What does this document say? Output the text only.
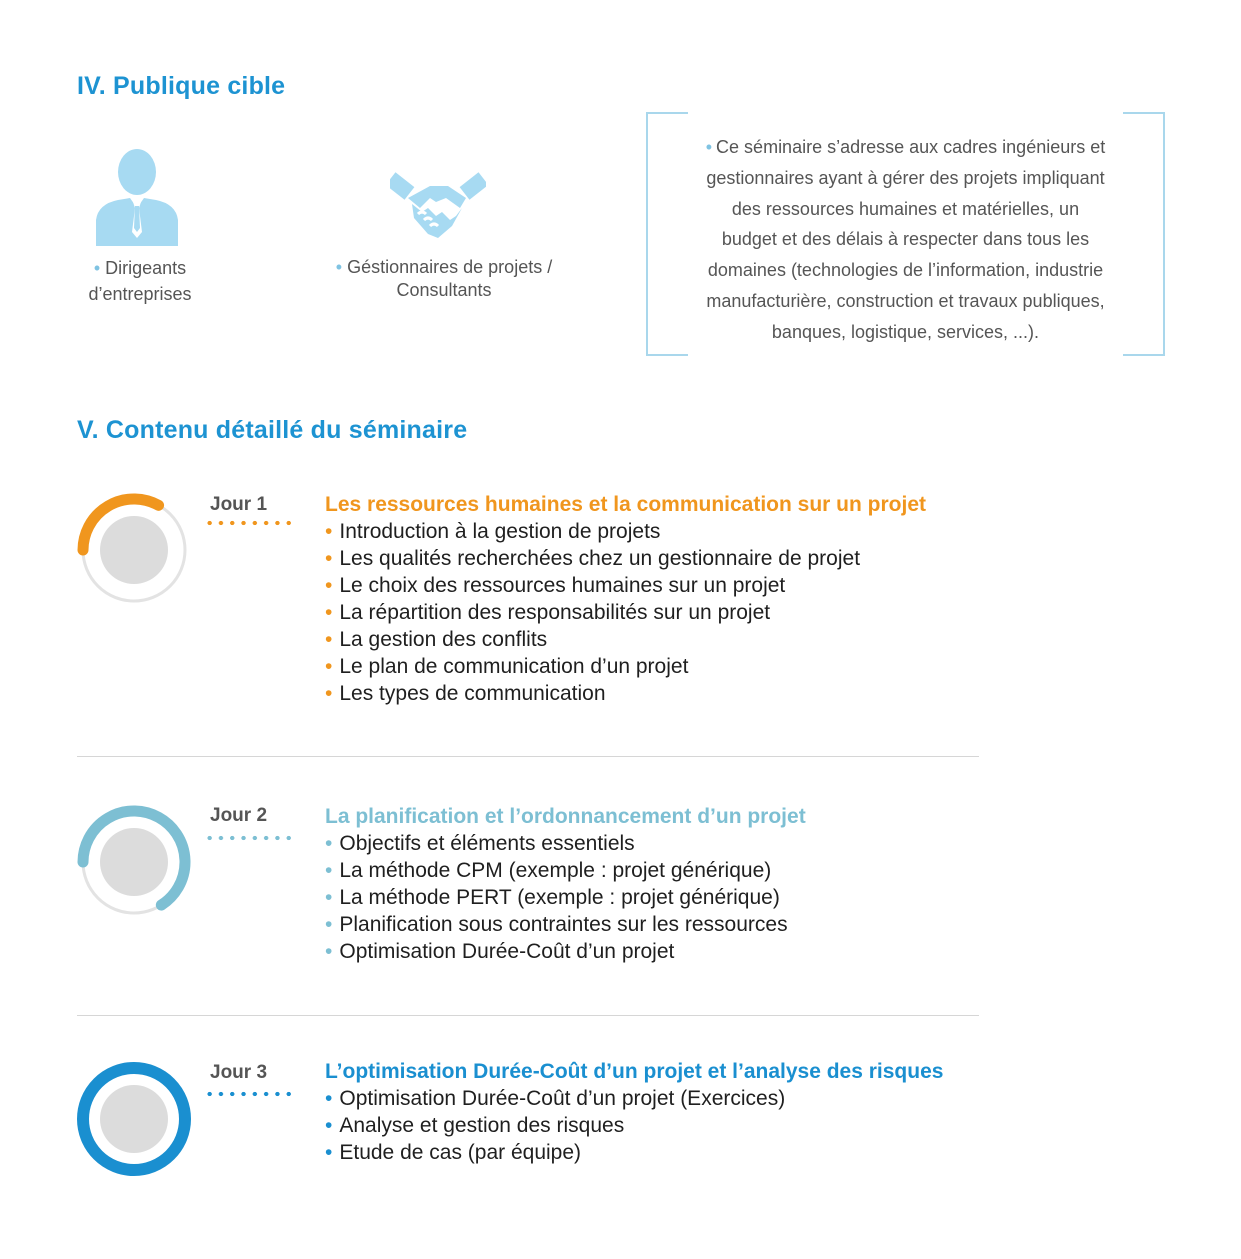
IV. Publique cible
• Dirigeants
d’entreprises
• Géstionnaires de projets /
Consultants
• Ce séminaire s’adresse aux cadres ingénieurs et
gestionnaires ayant à gérer des projets impliquant
des ressources humaines et matérielles, un
budget et des délais à respecter dans tous les
domaines (technologies de l’information, industrie
manufacturière, construction et travaux publiques,
banques, logistique, services, ...).
V. Contenu détaillé du séminaire
Jour 1	Les ressources humaines et la communication sur un projet
• Introduction à la gestion de projets
• Les qualités recherchées chez un gestionnaire de projet
• Le choix des ressources humaines sur un projet
• La répartition des responsabilités sur un projet
• La gestion des conflits
• Le plan de communication d’un projet
• Les types de communication
Jour 2	La planification et l’ordonnancement d’un projet
• Objectifs et éléments essentiels
• La méthode CPM (exemple : projet générique)
• La méthode PERT (exemple : projet générique)
• Planification sous contraintes sur les ressources
• Optimisation Durée-Coût d’un projet
Jour 3	L’optimisation Durée-Coût d’un projet et l’analyse des risques
• Optimisation Durée-Coût d’un projet (Exercices)
• Analyse et gestion des risques
• Etude de cas (par équipe)
